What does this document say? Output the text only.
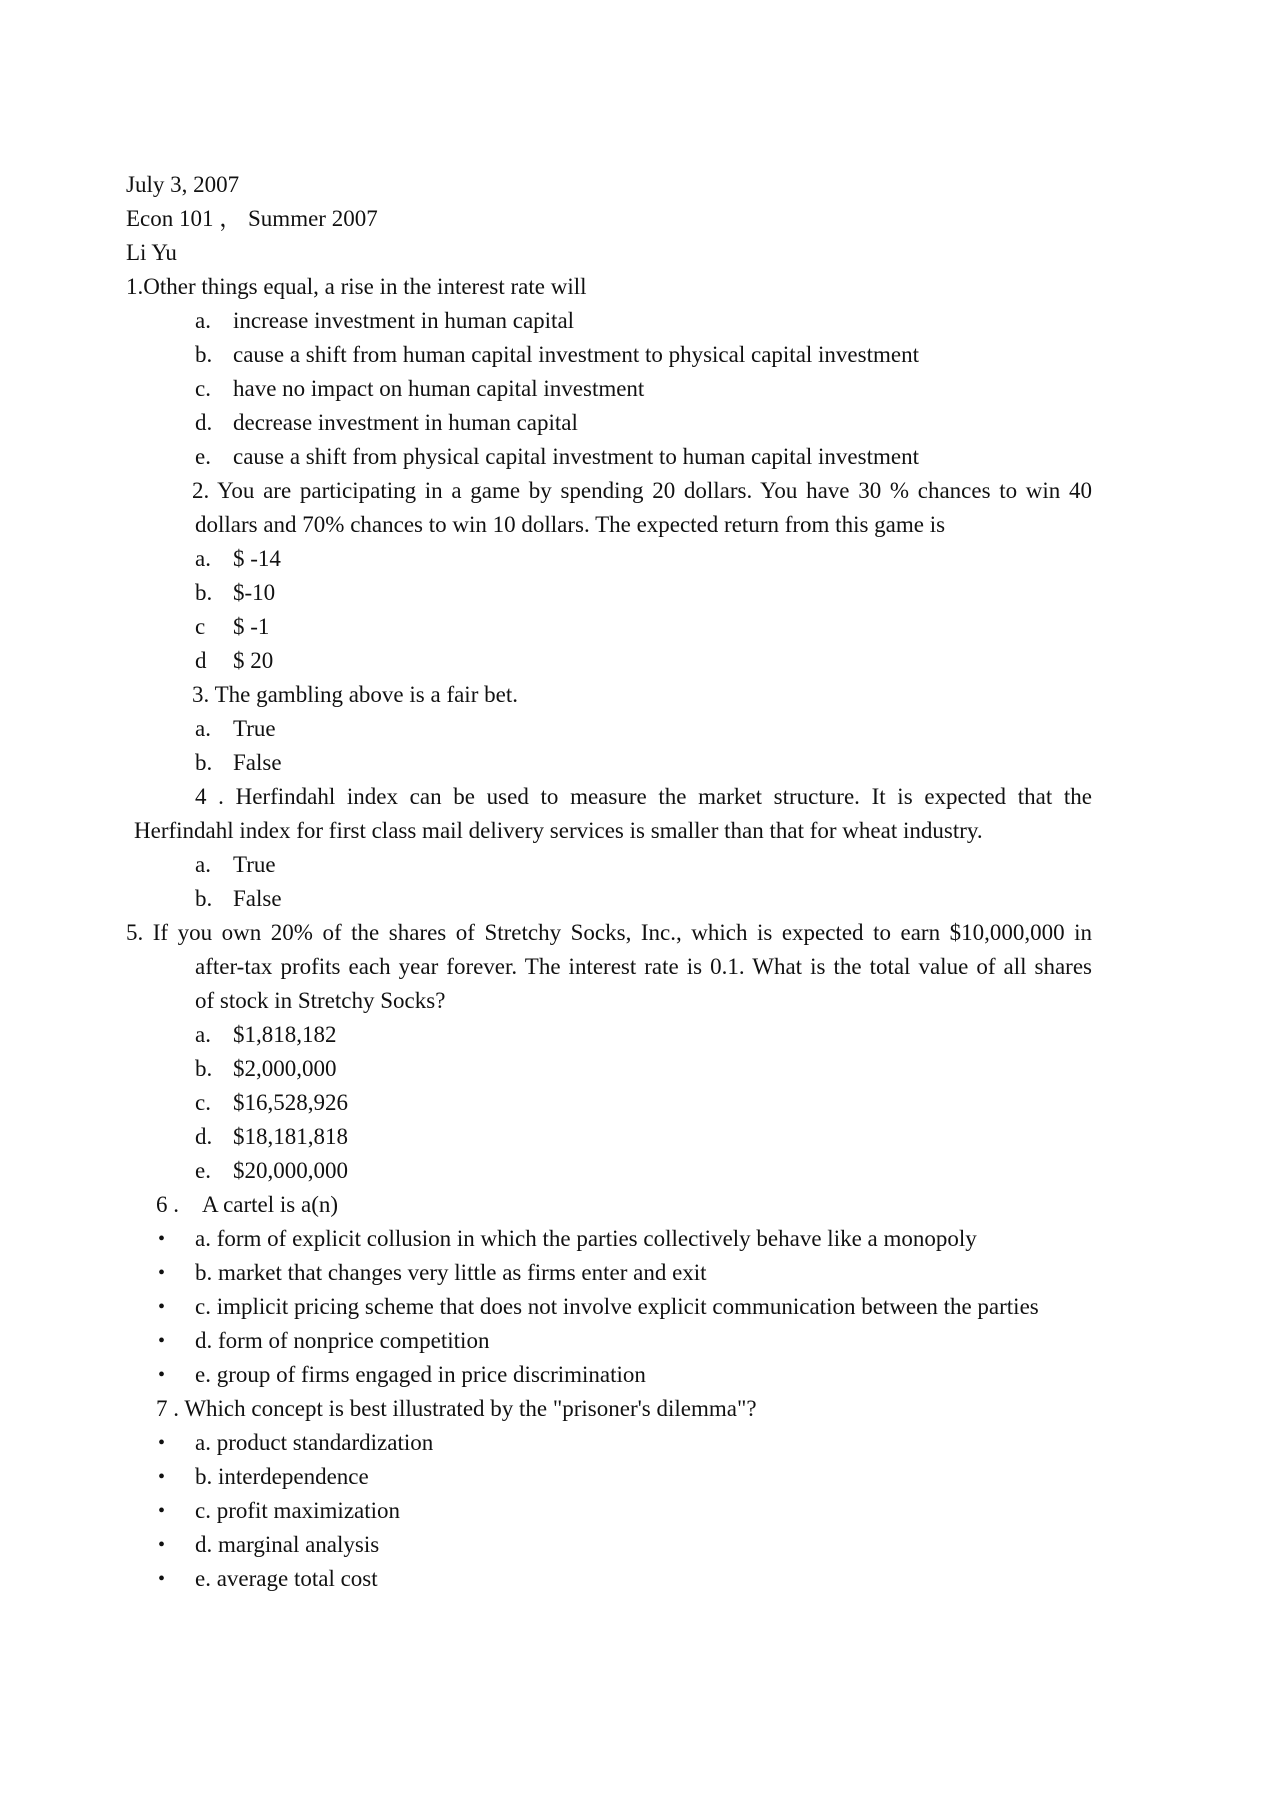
July 3, 2007
Econ 101 ， Summer 2007
Li Yu
1.Other things equal, a rise in the interest rate will
a. increase investment in human capital
b. cause a shift from human capital investment to physical capital investment
c. have no impact on human capital investment
d. decrease investment in human capital
e. cause a shift from physical capital investment to human capital investment
2. You are participating in a game by spending 20 dollars. You have 30 % chances to win 40
dollars and 70% chances to win 10 dollars. The expected return from this game is
a. $ -14
b. $-10
c $ -1
d $ 20
3. The gambling above is a fair bet.
a. True
b. False
4 . Herfindahl index can be used to measure the market structure. It is expected that the
Herfindahl index for first class mail delivery services is smaller than that for wheat industry.
a. True
b. False
5. If you own 20% of the shares of Stretchy Socks, Inc., which is expected to earn $10,000,000 in
after-tax profits each year forever. The interest rate is 0.1. What is the total value of all shares
of stock in Stretchy Socks?
a. $1,818,182
b. $2,000,000
c. $16,528,926
d. $18,181,818
e. $20,000,000
6 . A cartel is a(n)
• a. form of explicit collusion in which the parties collectively behave like a monopoly
• b. market that changes very little as firms enter and exit
• c. implicit pricing scheme that does not involve explicit communication between the parties
• d. form of nonprice competition
• e. group of firms engaged in price discrimination
7 . Which concept is best illustrated by the "prisoner's dilemma"?
• a. product standardization
• b. interdependence
• c. profit maximization
• d. marginal analysis
• e. average total cost
